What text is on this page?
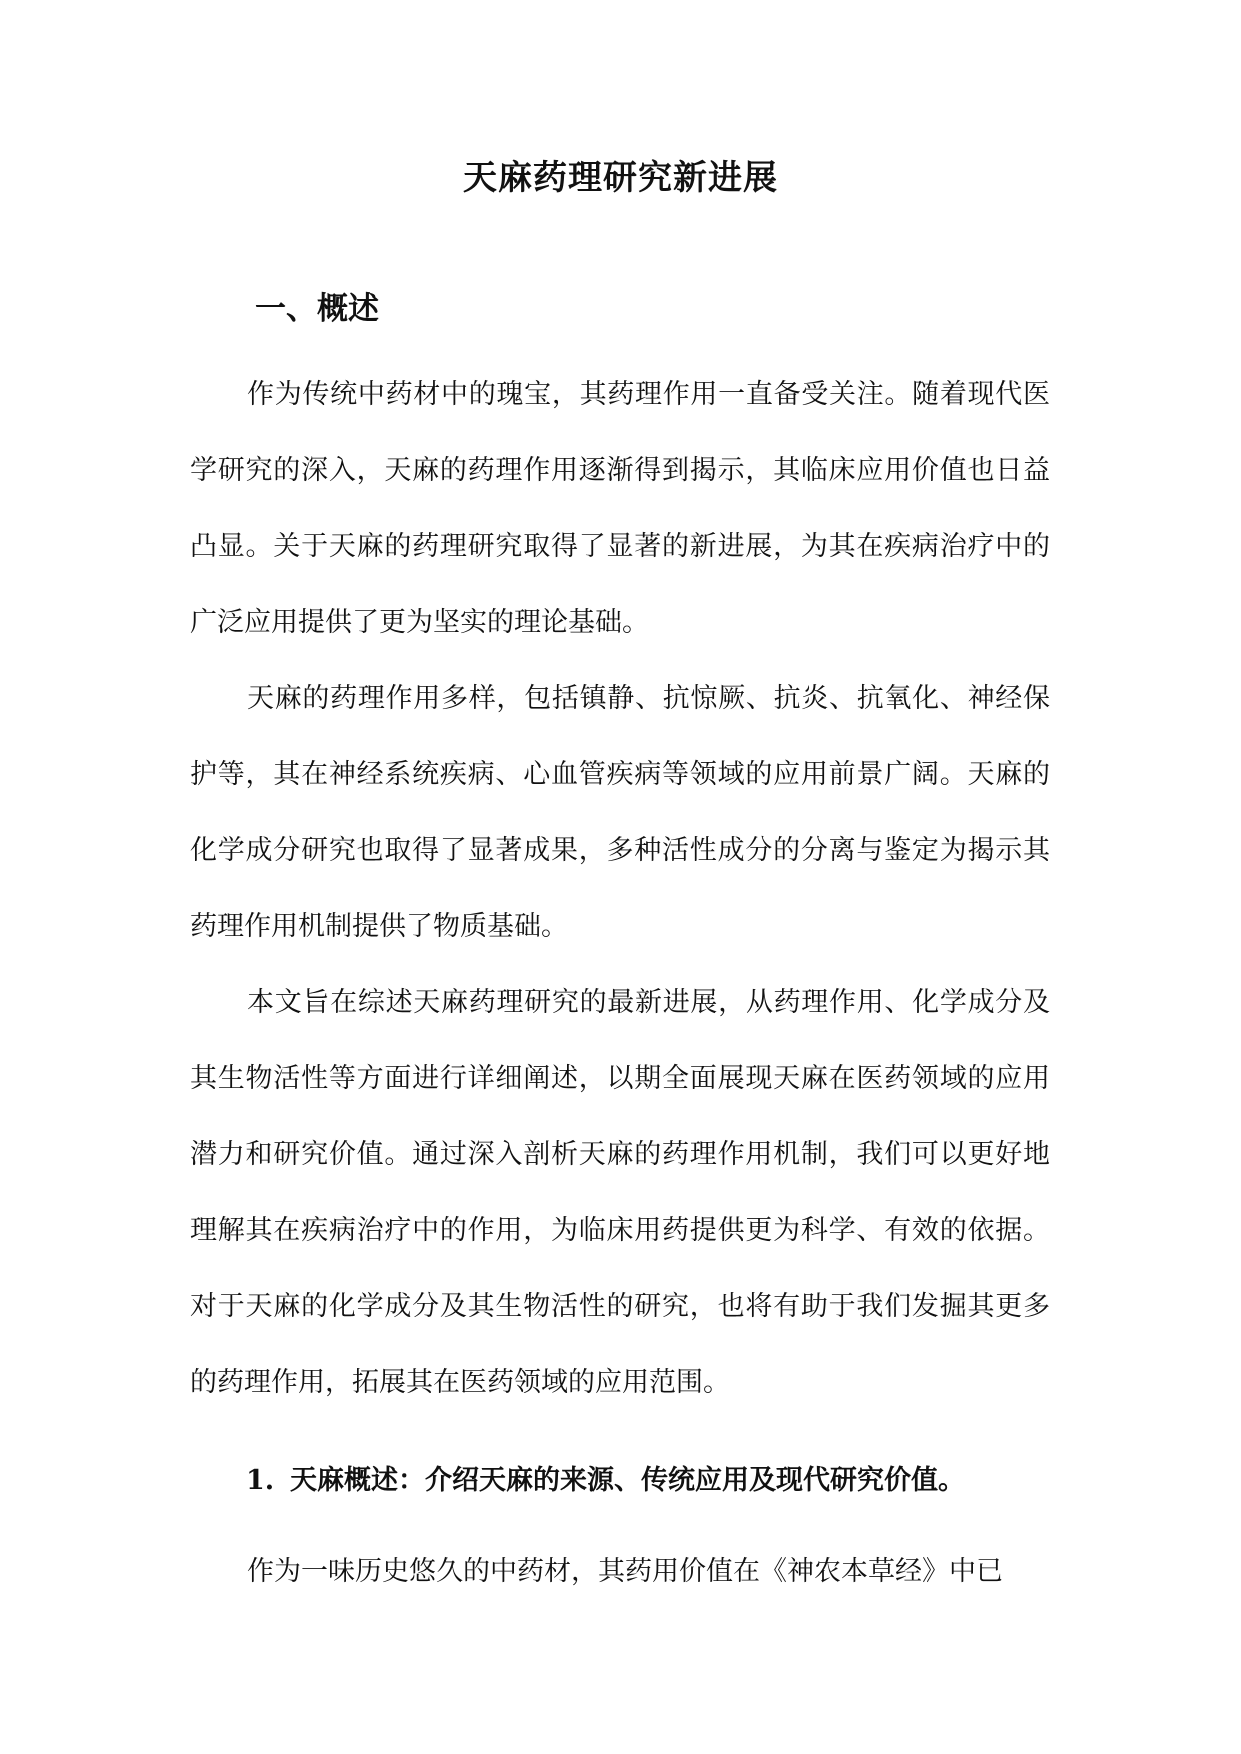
天麻药理研究新进展
一、概述

作为传统中药材中的瑰宝，其药理作用一直备受关注。随着现代医学研究的深入，天麻的药理作用逐渐得到揭示，其临床应用价值也日益凸显。关于天麻的药理研究取得了显著的新进展，为其在疾病治疗中的广泛应用提供了更为坚实的理论基础。

天麻的药理作用多样，包括镇静、抗惊厥、抗炎、抗氧化、神经保护等，其在神经系统疾病、心血管疾病等领域的应用前景广阔。天麻的化学成分研究也取得了显著成果，多种活性成分的分离与鉴定为揭示其药理作用机制提供了物质基础。

本文旨在综述天麻药理研究的最新进展，从药理作用、化学成分及其生物活性等方面进行详细阐述，以期全面展现天麻在医药领域的应用潜力和研究价值。通过深入剖析天麻的药理作用机制，我们可以更好地理解其在疾病治疗中的作用，为临床用药提供更为科学、有效的依据。对于天麻的化学成分及其生物活性的研究，也将有助于我们发掘其更多的药理作用，拓展其在医药领域的应用范围。

1. 天麻概述：介绍天麻的来源、传统应用及现代研究价值。

作为一味历史悠久的中药材，其药用价值在《神农本草经》中已
